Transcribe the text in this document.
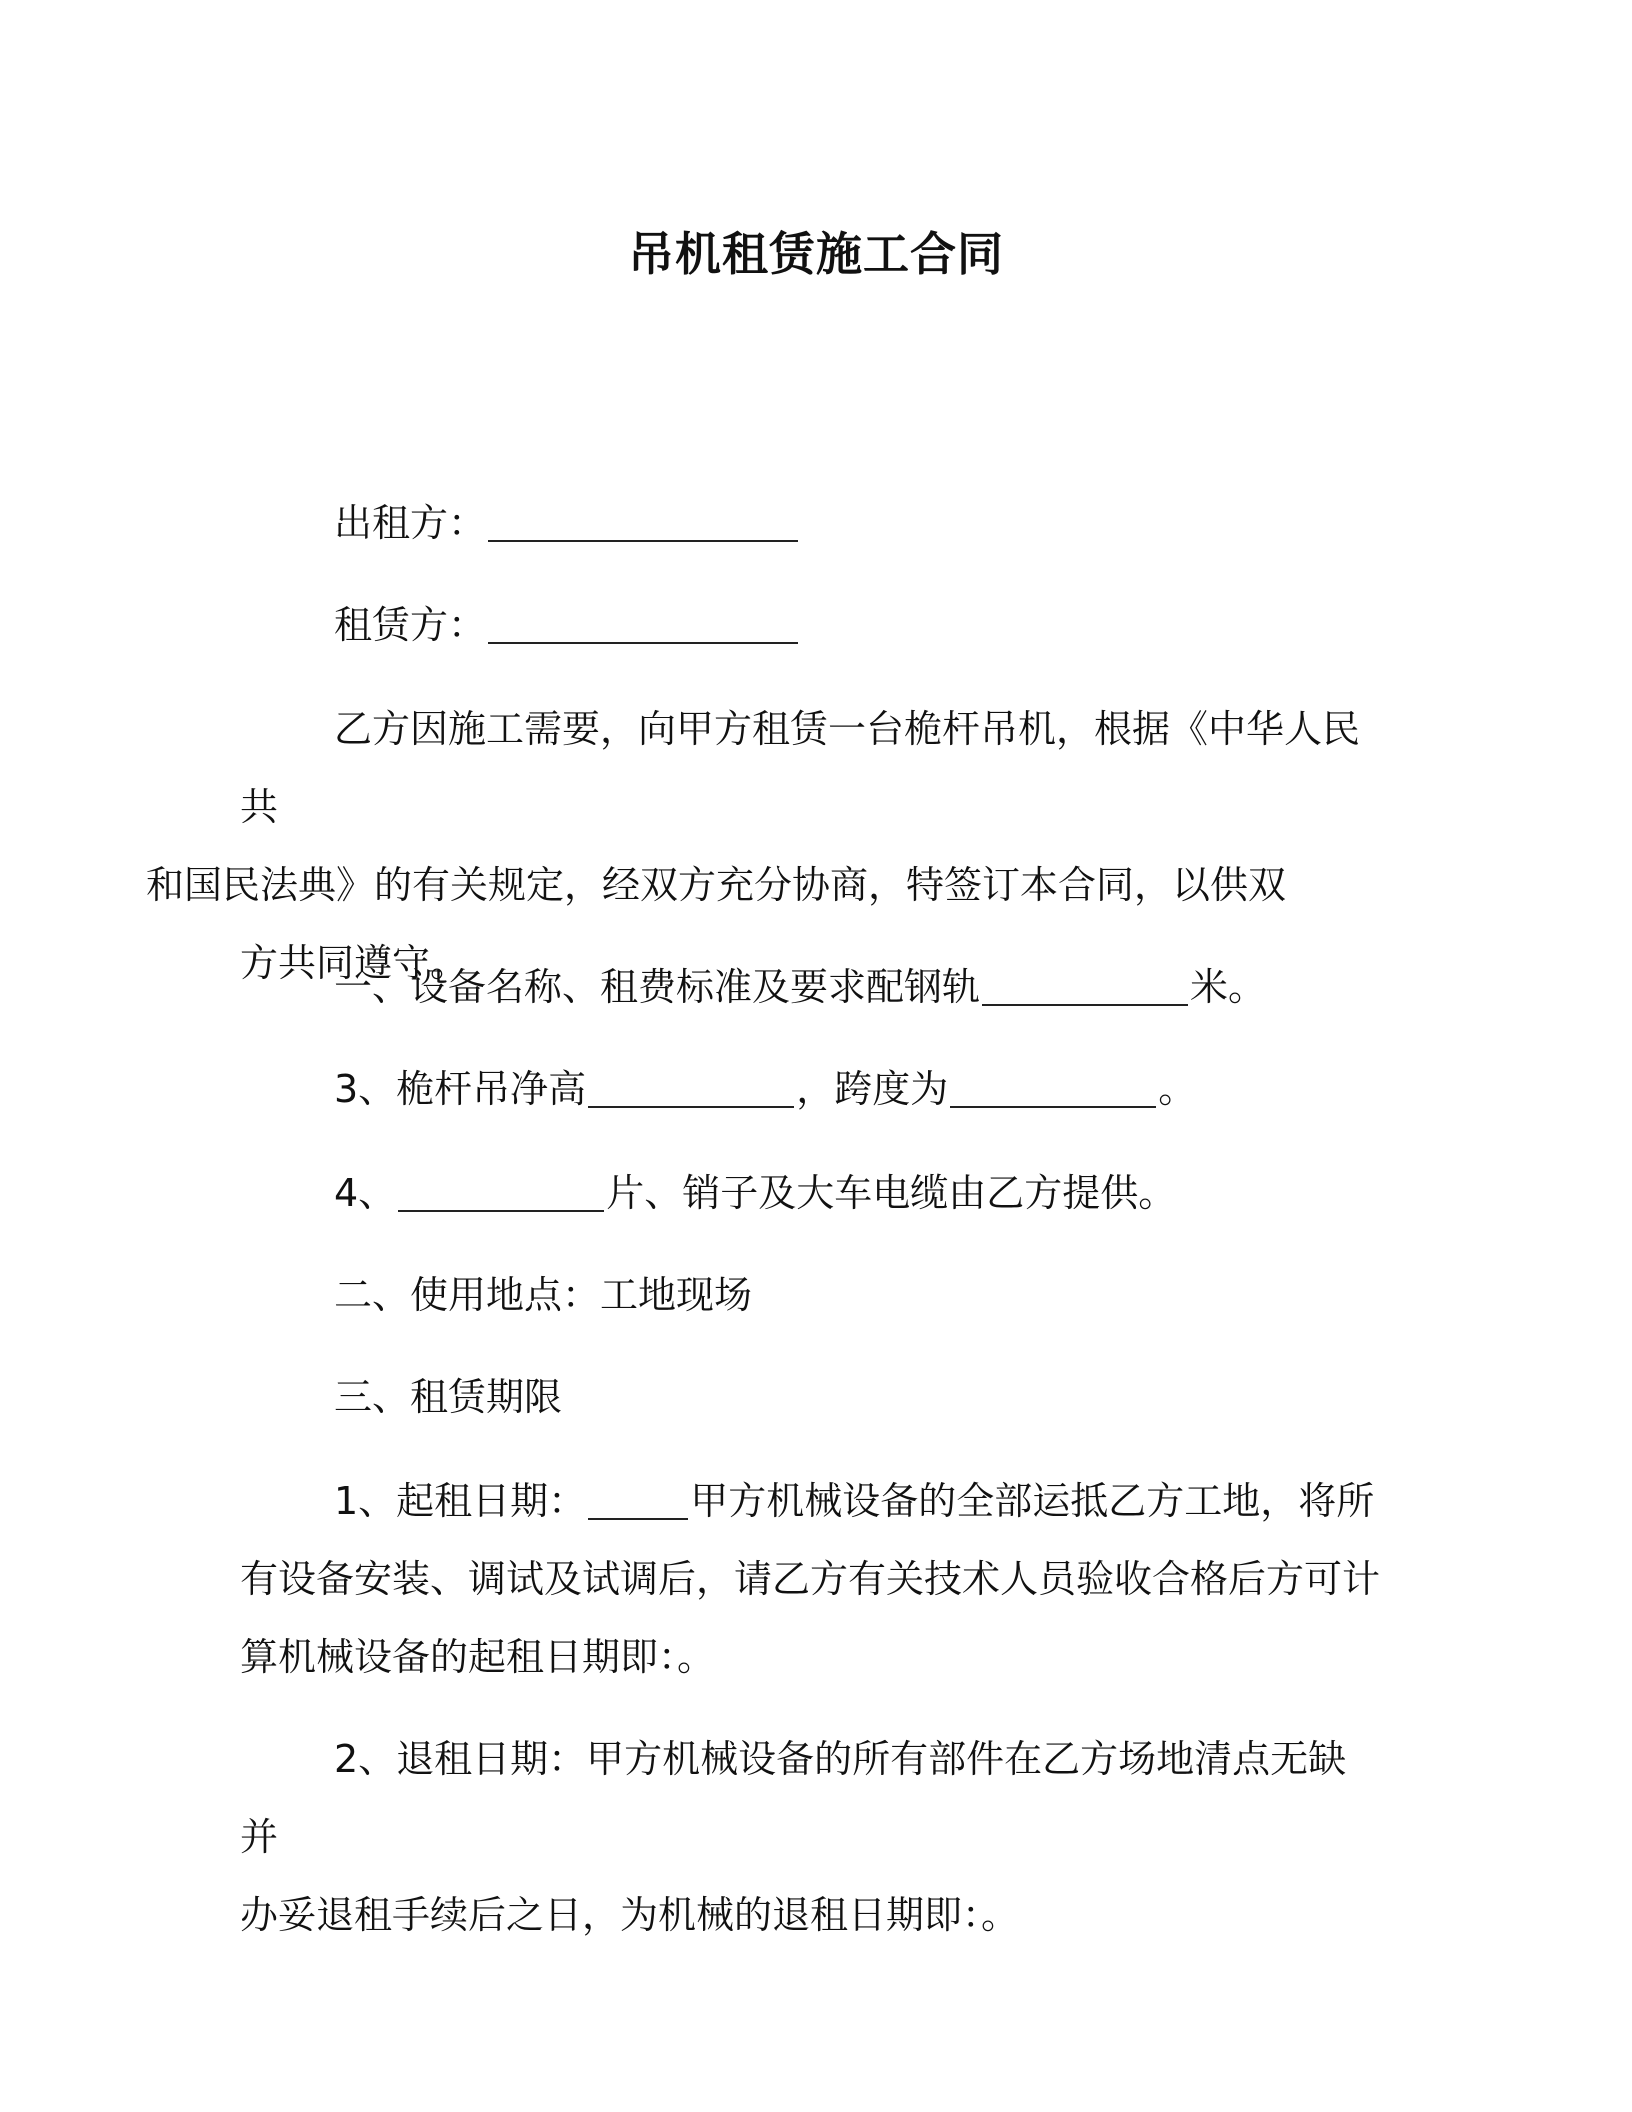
吊机租赁施工合同

出租方：

租赁方：

乙方因施工需要，向甲方租赁一台桅杆吊机，根据《中华人民共
和国民法典》的有关规定，经双方充分协商，特签订本合同，以供双
方共同遵守。

一、设备名称、租费标准及要求配钢轨	米。

3、桅杆吊净高	，跨度为	。

4、	片、销子及大车电缆由乙方提供。

二、使用地点：工地现场

三、租赁期限

1、起租日期：	甲方机械设备的全部运抵乙方工地，将所
有设备安装、调试及试调后，请乙方有关技术人员验收合格后方可计
算机械设备的起租日期即：。

2、退租日期：甲方机械设备的所有部件在乙方场地清点无缺并
办妥退租手续后之日，为机械的退租日期即：。
